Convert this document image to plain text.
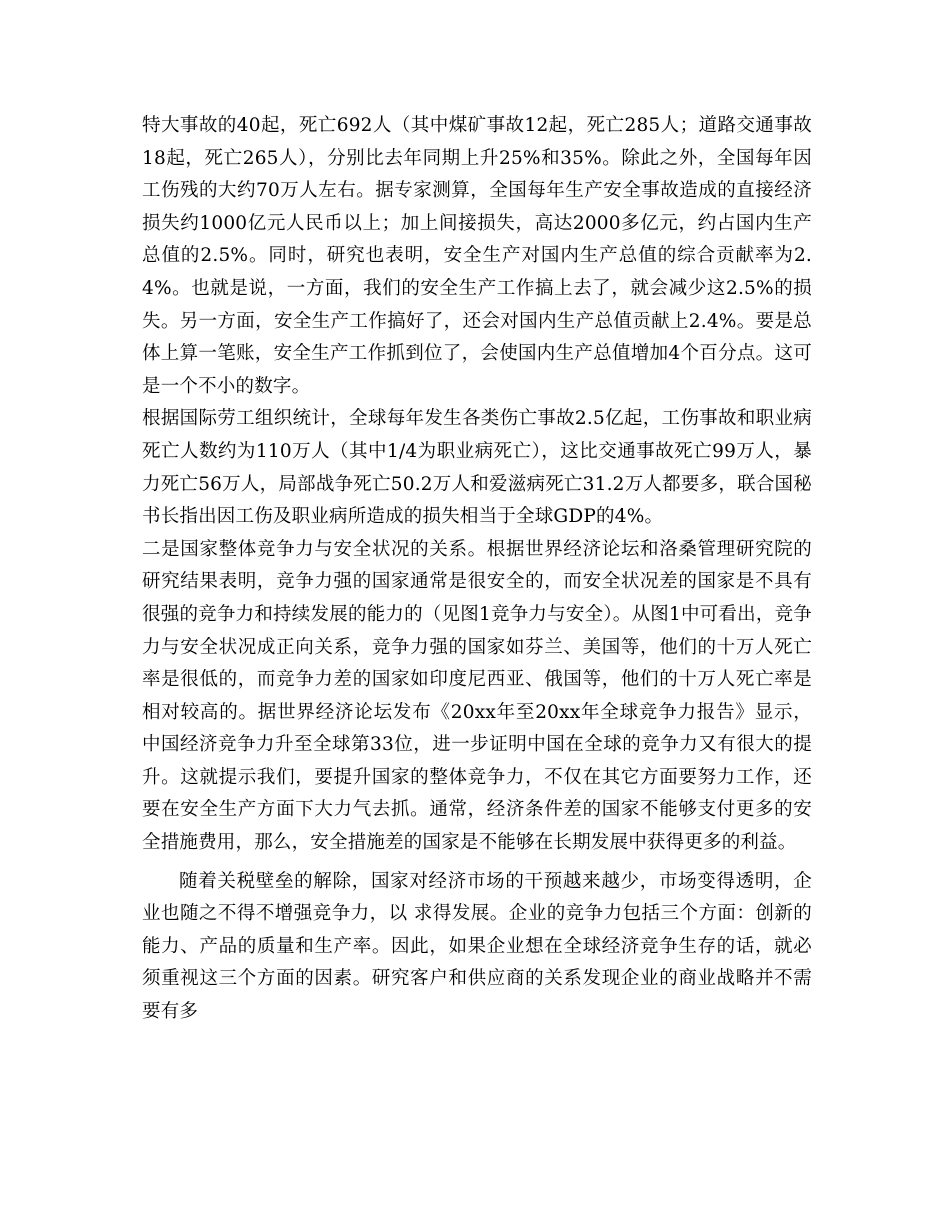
特大事故的40起，死亡692人（其中煤矿事故12起，死亡285人；道路交通事故18起，死亡265人），分别比去年同期上升25%和35%。除此之外，全国每年因工伤残的大约70万人左右。据专家测算，全国每年生产安全事故造成的直接经济损失约1000亿元人民币以上；加上间接损失，高达2000多亿元，约占国内生产总值的2.5%。同时，研究也表明，安全生产对国内生产总值的综合贡献率为2.4%。也就是说，一方面，我们的安全生产工作搞上去了，就会减少这2.5%的损失。另一方面，安全生产工作搞好了，还会对国内生产总值贡献上2.4%。要是总体上算一笔账，安全生产工作抓到位了，会使国内生产总值增加4个百分点。这可是一个不小的数字。

根据国际劳工组织统计，全球每年发生各类伤亡事故2.5亿起，工伤事故和职业病死亡人数约为110万人（其中1/4为职业病死亡），这比交通事故死亡99万人，暴力死亡56万人，局部战争死亡50.2万人和爱滋病死亡31.2万人都要多，联合国秘书长指出因工伤及职业病所造成的损失相当于全球GDP的4%。

二是国家整体竞争力与安全状况的关系。根据世界经济论坛和洛桑管理研究院的研究结果表明，竞争力强的国家通常是很安全的，而安全状况差的国家是不具有很强的竞争力和持续发展的能力的（见图1竞争力与安全）。从图1中可看出，竞争力与安全状况成正向关系，竞争力强的国家如芬兰、美国等，他们的十万人死亡率是很低的，而竞争力差的国家如印度尼西亚、俄国等，他们的十万人死亡率是相对较高的。据世界经济论坛发布《20xx年至20xx年全球竞争力报告》显示，中国经济竞争力升至全球第33位，进一步证明中国在全球的竞争力又有很大的提升。这就提示我们，要提升国家的整体竞争力，不仅在其它方面要努力工作，还要在安全生产方面下大力气去抓。通常，经济条件差的国家不能够支付更多的安全措施费用，那么，安全措施差的国家是不能够在长期发展中获得更多的利益。

随着关税壁垒的解除，国家对经济市场的干预越来越少，市场变得透明，企业也随之不得不增强竞争力，以 求得发展。企业的竞争力包括三个方面：创新的能力、产品的质量和生产率。因此，如果企业想在全球经济竞争生存的话，就必须重视这三个方面的因素。研究客户和供应商的关系发现企业的商业战略并不需要有多
